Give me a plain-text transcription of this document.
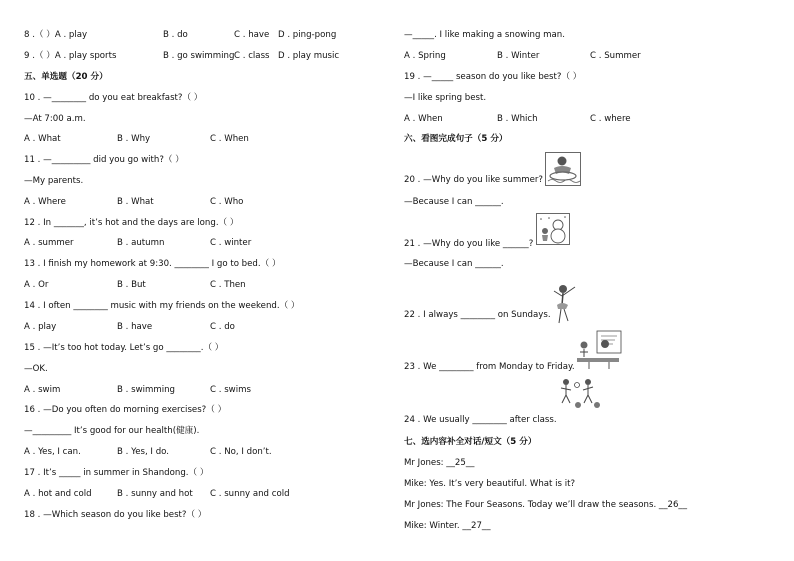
8 .（ ）A . play	B . do	C . have D . ping-pong
9 .（ ）A . play sports	B . go swimming C . class D . play music
五、单选题（20 分）
10 . —________ do you eat breakfast?（ ）
—At 7:00 a.m.
A . What	B . Why	C . When
11 . —_________ did you go with?（ ）
—My parents.
A . Where	B . What	C . Who
12 . In _______, it’s hot and the days are long.（ ）
A . summer	B . autumn	C . winter
13 . I finish my homework at 9:30. ________ I go to bed.（ ）
A . Or	B . But	C . Then
14 . I often ________ music with my friends on the weekend.（ ）
A . play	B . have	C . do
15 . —It’s too hot today. Let’s go ________.（ ）
—OK.
A . swim	B . swimming	C . swims
16 . —Do you often do morning exercises?（ ）
—_________ It’s good for our health(健康).
A . Yes, I can.	B . Yes, I do.	C . No, I don’t.
17 . It’s _____ in summer in Shandong.（ ）
A . hot and cold	B . sunny and hot C . sunny and cold
18 . —Which season do you like best?（ ）
—_____. I like making a snowing man.
A . Spring	B . Winter	C . Summer
19 . —_____ season do you like best?（ ）
—I like spring best.
A . When	B . Which	C . where
六、看图完成句子（5 分）
20 . —Why do you like summer?
—Because I can ______.
21 . —Why do you like ______?
—Because I can ______.
22 . I always ________ on Sundays.
23 . We ________ from Monday to Friday.
24 . We usually ________ after class.
七、选内容补全对话/短文（5 分）
Mr Jones: __25__
Mike: Yes. It’s very beautiful. What is it?
Mr Jones: The Four Seasons. Today we’ll draw the seasons. __26__
Mike: Winter. __27__
